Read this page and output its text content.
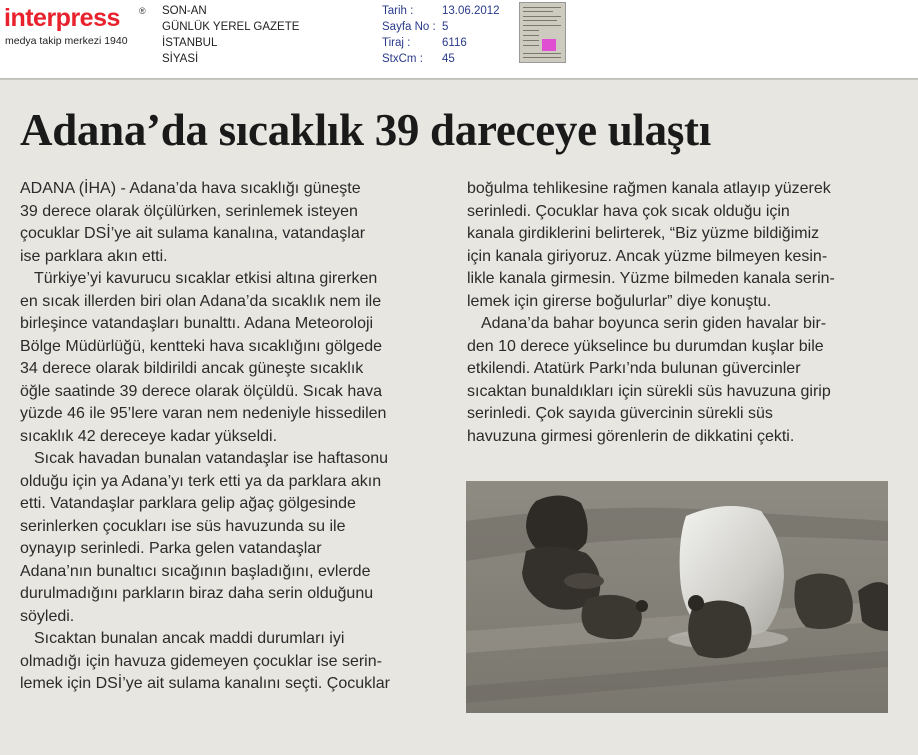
interpress ®
medya takip merkezi 1940
SON-AN
GÜNLÜK YEREL GAZETE
İSTANBUL
SİYASİ
Tarih :
Sayfa No :
Tiraj :
StxCm :
13.06.2012
5
6116
45
Adana’da sıcaklık 39 dareceye ulaştı
ADANA (İHA) - Adana’da hava sıcaklığı güneşte
39 derece olarak ölçülürken, serinlemek isteyen
çocuklar DSİ’ye ait sulama kanalına, vatandaşlar
ise parklara akın etti.
Türkiye’yi kavurucu sıcaklar etkisi altına girerken
en sıcak illerden biri olan Adana’da sıcaklık nem ile
birleşince vatandaşları bunalttı. Adana Meteoroloji
Bölge Müdürlüğü, kentteki hava sıcaklığını gölgede
34 derece olarak bildirildi ancak güneşte sıcaklık
öğle saatinde 39 derece olarak ölçüldü. Sıcak hava
yüzde 46 ile 95’lere varan nem nedeniyle hissedilen
sıcaklık 42 dereceye kadar yükseldi.
Sıcak havadan bunalan vatandaşlar ise haftasonu
olduğu için ya Adana’yı terk etti ya da parklara akın
etti. Vatandaşlar parklara gelip ağaç gölgesinde
serinlerken çocukları ise süs havuzunda su ile
oynayıp serinledi. Parka gelen vatandaşlar
Adana’nın bunaltıcı sıcağının başladığını, evlerde
durulmadığını parkların biraz daha serin olduğunu
söyledi.
Sıcaktan bunalan ancak maddi durumları iyi
olmadığı için havuza gidemeyen çocuklar ise serin-
lemek için DSİ’ye ait sulama kanalını seçti. Çocuklar
boğulma tehlikesine rağmen kanala atlayıp yüzerek
serinledi. Çocuklar hava çok sıcak olduğu için
kanala girdiklerini belirterek, “Biz yüzme bildiğimiz
için kanala giriyoruz. Ancak yüzme bilmeyen kesin-
likle kanala girmesin. Yüzme bilmeden kanala serin-
lemek için girerse boğulurlar” diye konuştu.
Adana’da bahar boyunca serin giden havalar bir-
den 10 derece yükselince bu durumdan kuşlar bile
etkilendi. Atatürk Parkı’nda bulunan güvercinler
sıcaktan bunaldıkları için sürekli süs havuzuna girip
serinledi. Çok sayıda güvercinin sürekli süs
havuzuna girmesi görenlerin de dikkatini çekti.
